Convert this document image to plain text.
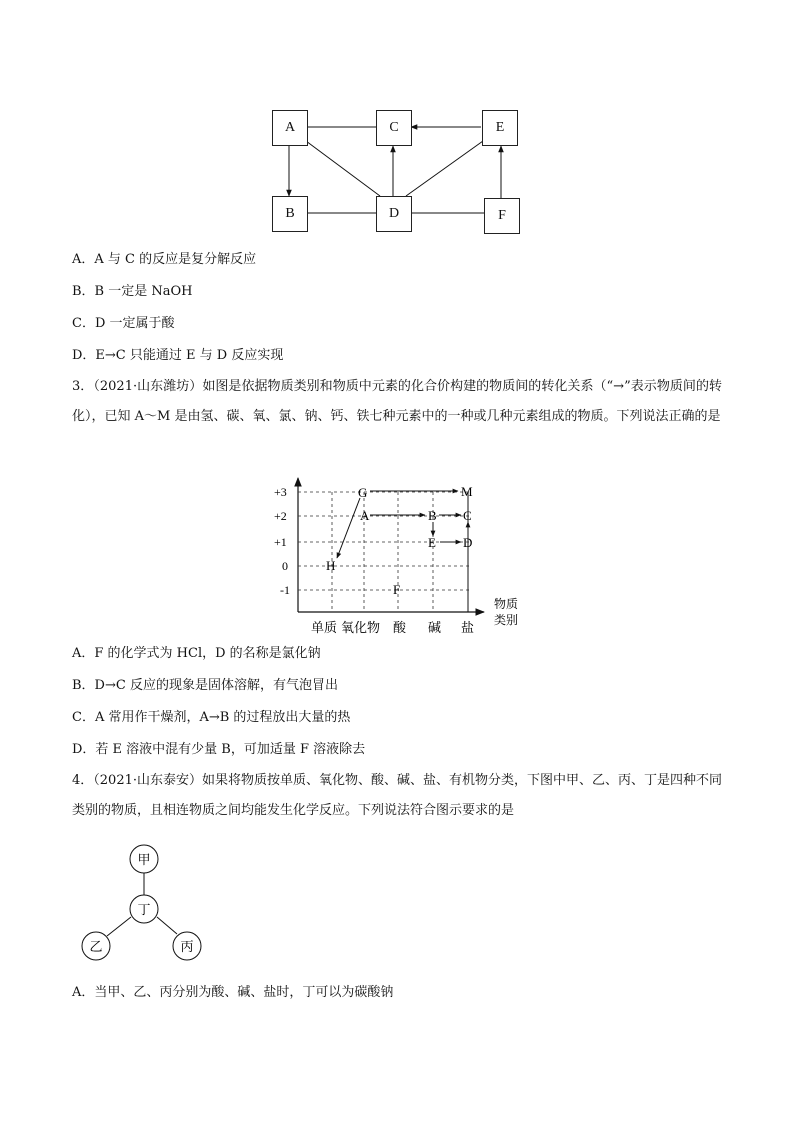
A	C	E
B	D	F
A．A 与 C 的反应是复分解反应
B．B 一定是 NaOH
C．D 一定属于酸
D．E→C 只能通过 E 与 D 反应实现
3．（2021·山东潍坊）如图是依据物质类别和物质中元素的化合价构建的物质间的转化关系（“→”表示物质间的转化），已知 A～M 是由氢、碳、氧、氯、钠、钙、铁七种元素中的一种或几种元素组成的物质。下列说法正确的是
+3
+2
+1
0
-1
单质 氧化物 酸 碱 盐
物质
类别
G	M
A	B C
E D
H
F
A．F 的化学式为 HCl，D 的名称是氯化钠
B．D→C 反应的现象是固体溶解，有气泡冒出
C．A 常用作干燥剂，A→B 的过程放出大量的热
D．若 E 溶液中混有少量 B，可加适量 F 溶液除去
4．（2021·山东泰安）如果将物质按单质、氧化物、酸、碱、盐、有机物分类，下图中甲、乙、丙、丁是四种不同类别的物质，且相连物质之间均能发生化学反应。下列说法符合图示要求的是
甲
丁
乙	丙
A．当甲、乙、丙分别为酸、碱、盐时，丁可以为碳酸钠
